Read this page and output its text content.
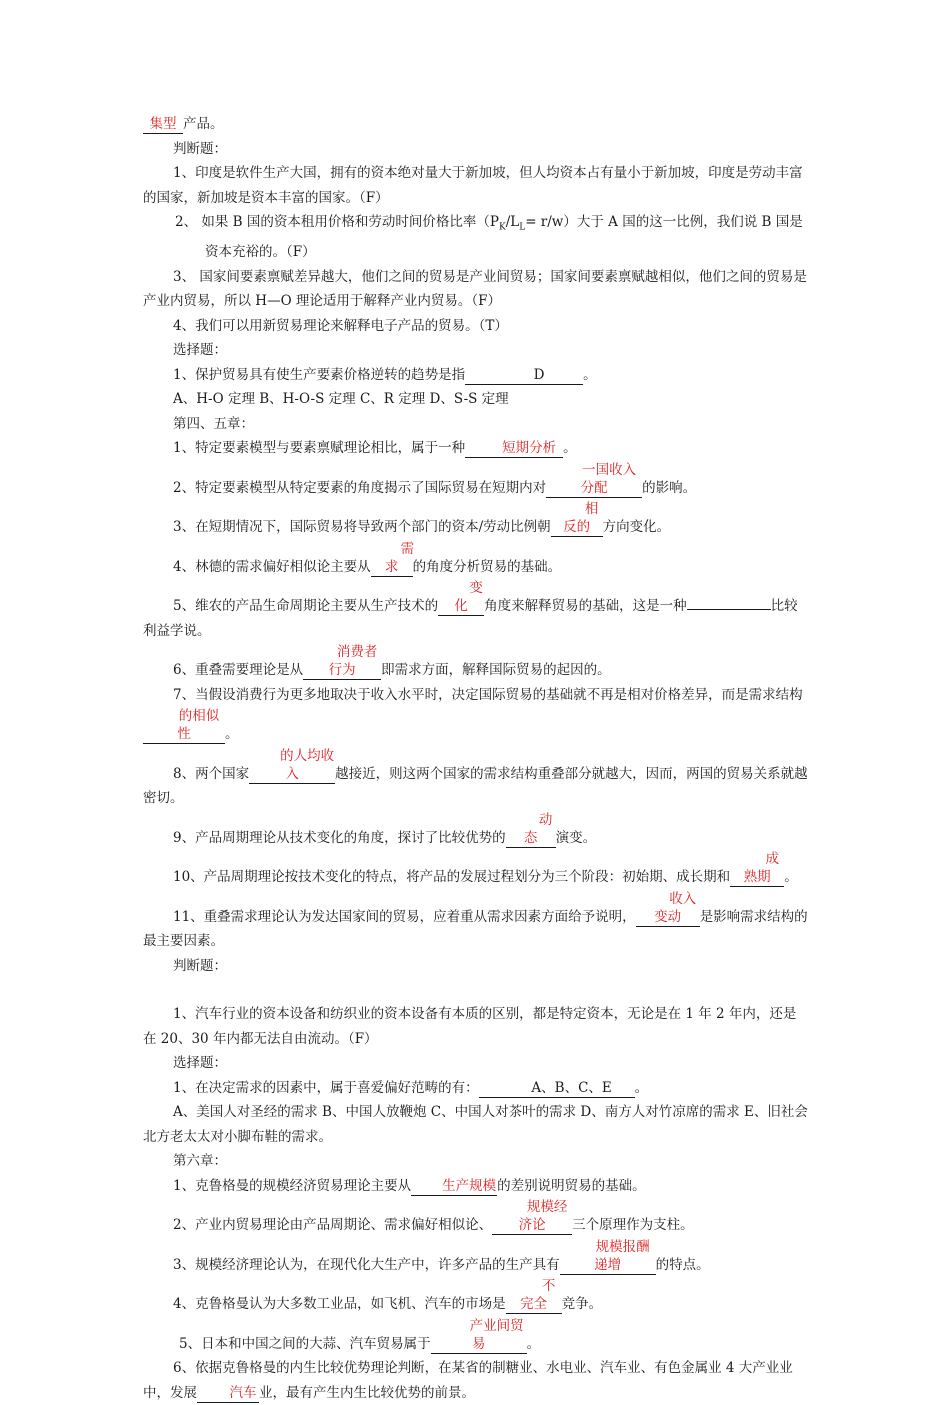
集型 产品。

判断题：

1、印度是软件生产大国，拥有的资本绝对量大于新加坡，但人均资本占有量小于新加坡，印度是劳动丰富的国家，新加坡是资本丰富的国家。（F）

2、 如果 B 国的资本租用价格和劳动时间价格比率$(P_K/L_L= r/w)$大于 A 国的这一比例，我们说 B 国是资本充裕的。（F）

3、 国家间要素禀赋差异越大，他们之间的贸易是产业间贸易；国家间要素禀赋越相似，他们之间的贸易是产业内贸易，所以 H—O 理论适用于解释产业内贸易。（F）

4、我们可以用新贸易理论来解释电子产品的贸易。（T）

选择题：

1、保护贸易具有使生产要素价格逆转的趋势是指	D	。

A、H-O 定理 B、H-O-S 定理 C、R 定理 D、S-S 定理

第四、五章：

1、特定要素模型与要素禀赋理论相比，属于一种	短期分析 。

2、特定要素模型从特定要素的角度揭示了国际贸易在短期内对一国收入分配	的影响。

3、在短期情况下，国际贸易将导致两个部门的资本/劳动比例朝相反的 方向变化。

4、林德的需求偏好相似论主要从需求 的角度分析贸易的基础。

5、维农的产品生命周期论主要从生产技术的变化 角度来解释贸易的基础，这是一种	比较利益学说。

6、重叠需要理论是从消费者行为 即需求方面，解释国际贸易的起因的。

7、当假设消费行为更多地取决于收入水平时，决定国际贸易的基础就不再是相对价格差异，而是需求结构的相似性	。

8、两个国家的人均收入	越接近，则这两个国家的需求结构重叠部分就越大，因而，两国的贸易关系就越密切。

9、产品周期理论从技术变化的角度，探讨了比较优势的动态 演变。

10、产品周期理论按技术变化的特点，将产品的发展过程划分为三个阶段：初始期、成长期和成熟期 。

11、重叠需求理论认为发达国家间的贸易，应着重从需求因素方面给予说明，收入变动 是影响需求结构的最主要因素。

判断题：

1、汽车行业的资本设备和纺织业的资本设备有本质的区别，都是特定资本，无论是在 1 年 2 年内，还是在 20、30 年内都无法自由流动。（F）

选择题：

1、在决定需求的因素中，属于喜爱偏好范畴的有：	A、B、C、E 。

A、美国人对圣经的需求 B、中国人放鞭炮 C、中国人对茶叶的需求 D、南方人对竹凉席的需求 E、旧社会北方老太太对小脚布鞋的需求。

第六章：

1、克鲁格曼的规模经济贸易理论主要从 生产规模的差别说明贸易的基础。

2、产业内贸易理论由产品周期论、需求偏好相似论、规模经济论 三个原理作为支柱。

3、规模经济理论认为，在现代化大生产中，许多产品的生产具有规模报酬递增	的特点。

4、克鲁格曼认为大多数工业品，如飞机、汽车的市场是不完全 竞争。

5、日本和中国之间的大蒜、汽车贸易属于产业间贸易	。

6、依据克鲁格曼的内生比较优势理论判断，在某省的制糖业、水电业、汽车业、有色金属业 4 大产业业中，发展 汽车 业，最有产生内生比较优势的前景。
